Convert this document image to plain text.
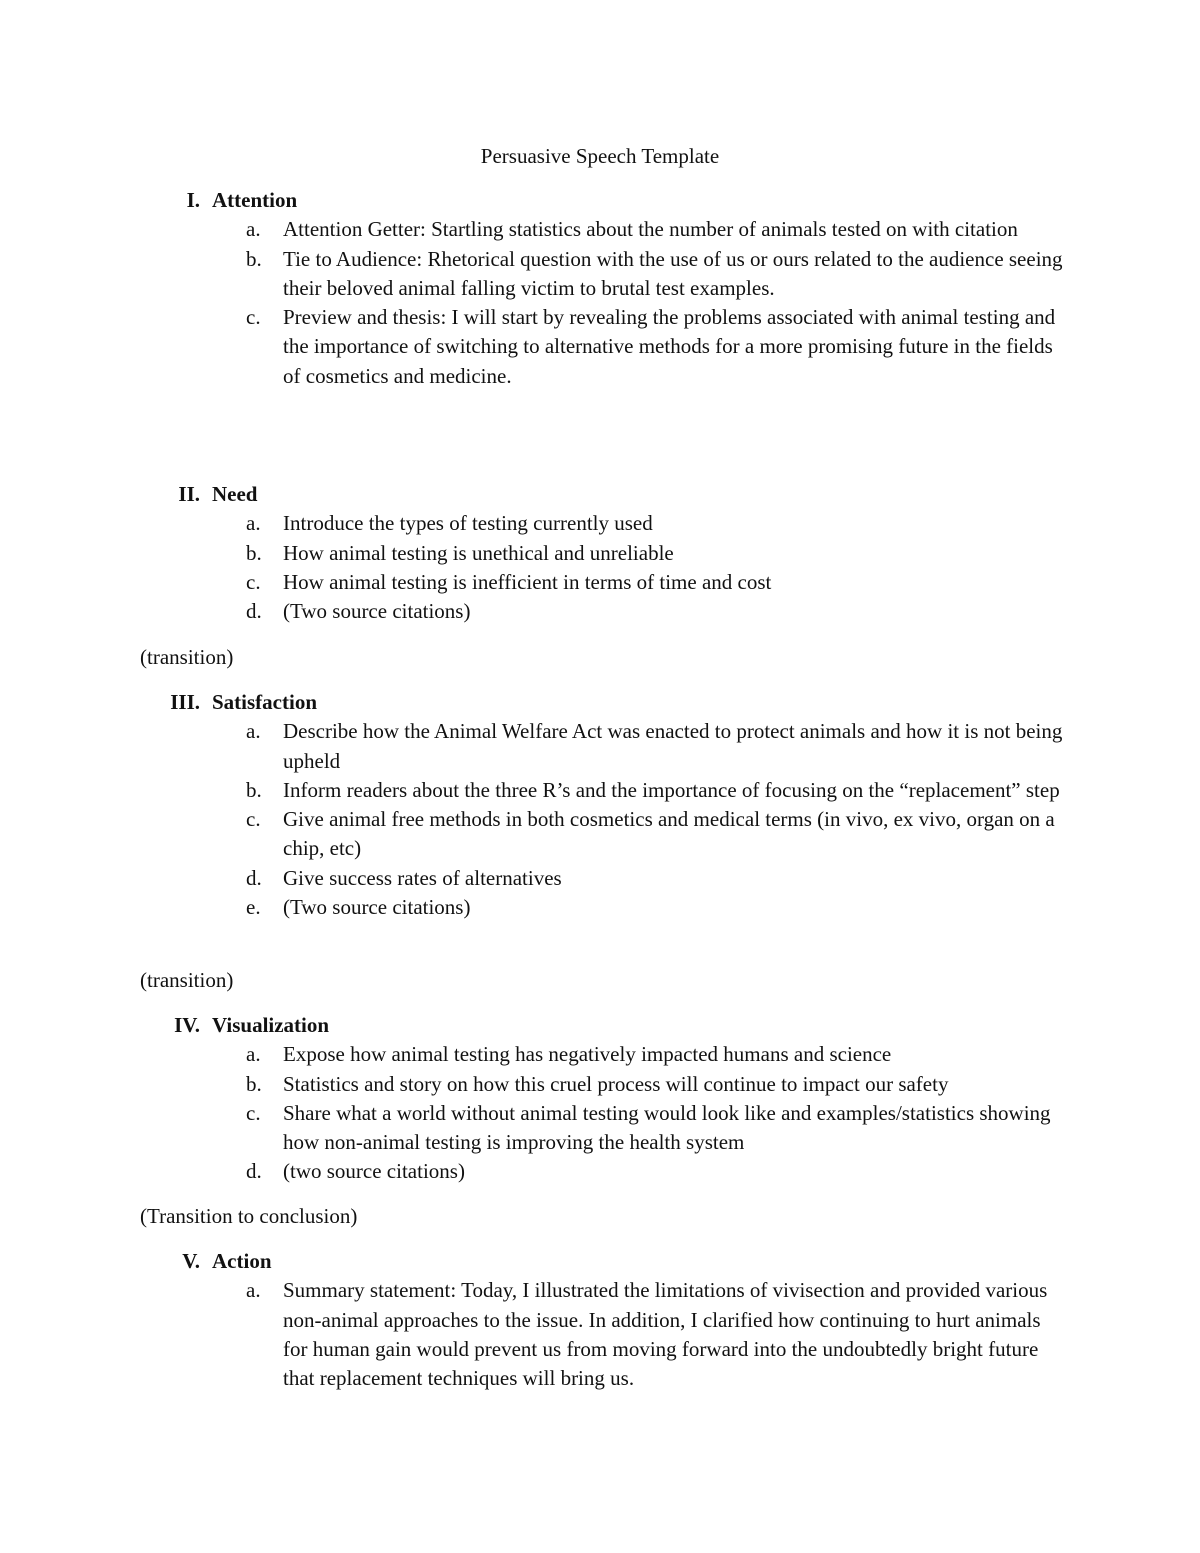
Persuasive Speech Template
I. Attention
a. Attention Getter: Startling statistics about the number of animals tested on with citation
b. Tie to Audience: Rhetorical question with the use of us or ours related to the audience seeing their beloved animal falling victim to brutal test examples.
c. Preview and thesis: I will start by revealing the problems associated with animal testing and the importance of switching to alternative methods for a more promising future in the fields of cosmetics and medicine.
II. Need
a. Introduce the types of testing currently used
b. How animal testing is unethical and unreliable
c. How animal testing is inefficient in terms of time and cost
d. (Two source citations)
(transition)
III. Satisfaction
a. Describe how the Animal Welfare Act was enacted to protect animals and how it is not being upheld
b. Inform readers about the three R’s and the importance of focusing on the “replacement” step
c. Give animal free methods in both cosmetics and medical terms (in vivo, ex vivo, organ on a chip, etc)
d. Give success rates of alternatives
e. (Two source citations)
(transition)
IV. Visualization
a. Expose how animal testing has negatively impacted humans and science
b. Statistics and story on how this cruel process will continue to impact our safety
c. Share what a world without animal testing would look like and examples/statistics showing how non-animal testing is improving the health system
d. (two source citations)
(Transition to conclusion)
V. Action
a. Summary statement: Today, I illustrated the limitations of vivisection and provided various non-animal approaches to the issue. In addition, I clarified how continuing to hurt animals for human gain would prevent us from moving forward into the undoubtedly bright future that replacement techniques will bring us.
